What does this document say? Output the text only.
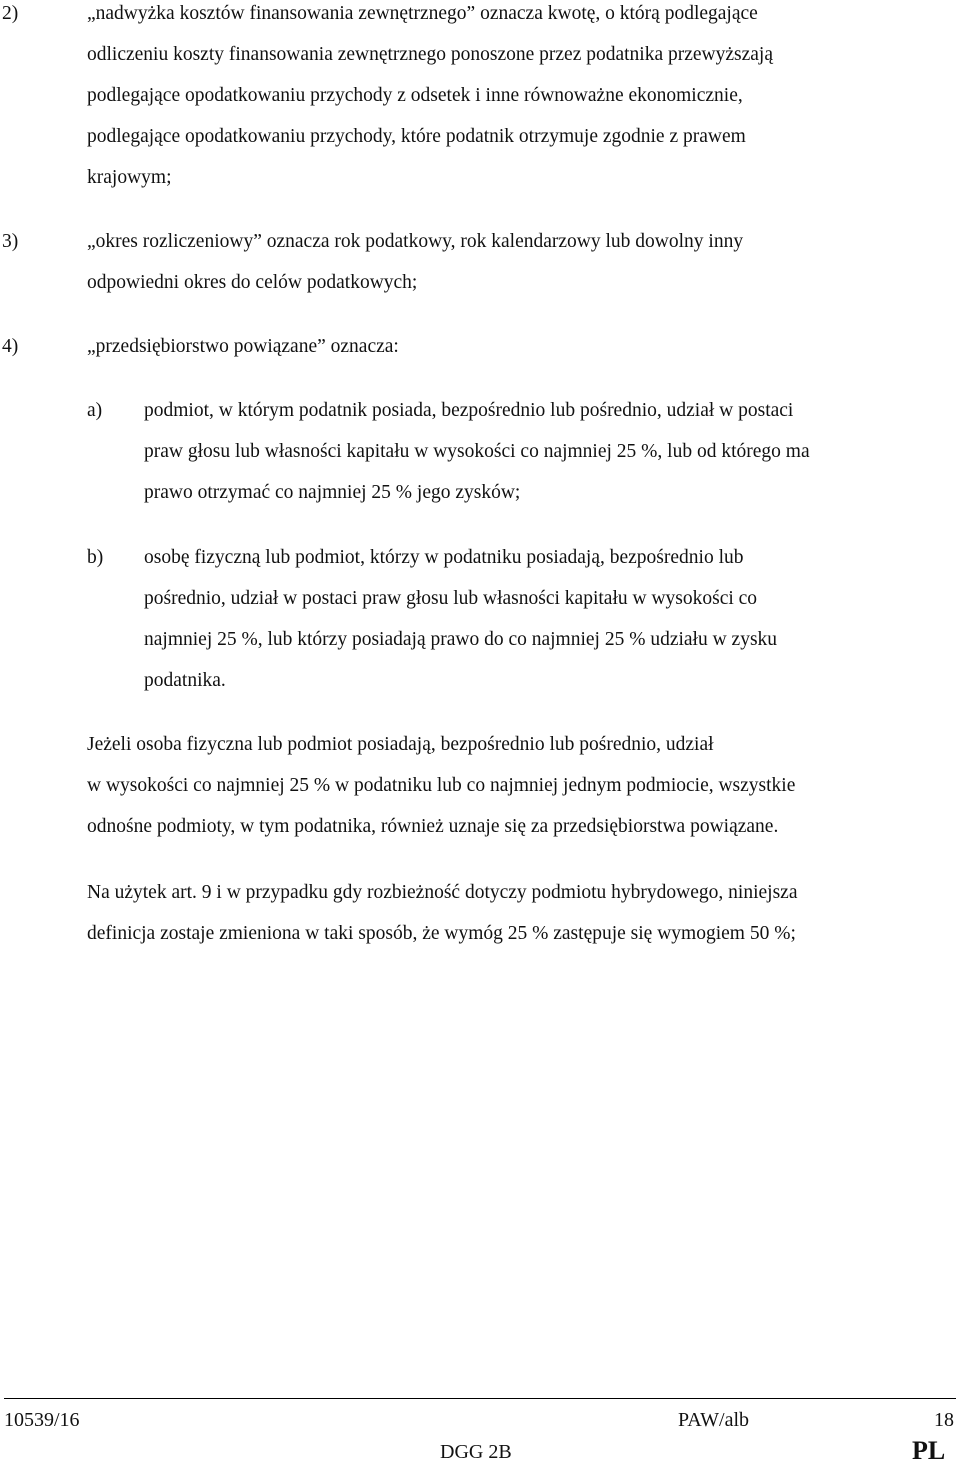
2)	„nadwyżka kosztów finansowania zewnętrznego” oznacza kwotę, o którą podlegające
odliczeniu koszty finansowania zewnętrznego ponoszone przez podatnika przewyższają
podlegające opodatkowaniu przychody z odsetek i inne równoważne ekonomicznie,
podlegające opodatkowaniu przychody, które podatnik otrzymuje zgodnie z prawem
krajowym;
3)	„okres rozliczeniowy” oznacza rok podatkowy, rok kalendarzowy lub dowolny inny
odpowiedni okres do celów podatkowych;
4)	„przedsiębiorstwo powiązane” oznacza:
a) podmiot, w którym podatnik posiada, bezpośrednio lub pośrednio, udział w postaci
praw głosu lub własności kapitału w wysokości co najmniej 25 %, lub od którego ma
prawo otrzymać co najmniej 25 % jego zysków;
b) osobę fizyczną lub podmiot, którzy w podatniku posiadają, bezpośrednio lub
pośrednio, udział w postaci praw głosu lub własności kapitału w wysokości co
najmniej 25 %, lub którzy posiadają prawo do co najmniej 25 % udziału w zysku
podatnika.
Jeżeli osoba fizyczna lub podmiot posiadają, bezpośrednio lub pośrednio, udział
w wysokości co najmniej 25 % w podatniku lub co najmniej jednym podmiocie, wszystkie
odnośne podmioty, w tym podatnika, również uznaje się za przedsiębiorstwa powiązane.
Na użytek art. 9 i w przypadku gdy rozbieżność dotyczy podmiotu hybrydowego, niniejsza
definicja zostaje zmieniona w taki sposób, że wymóg 25 % zastępuje się wymogiem 50 %;
10539/16	PAW/alb	18
DGG 2B	PL
